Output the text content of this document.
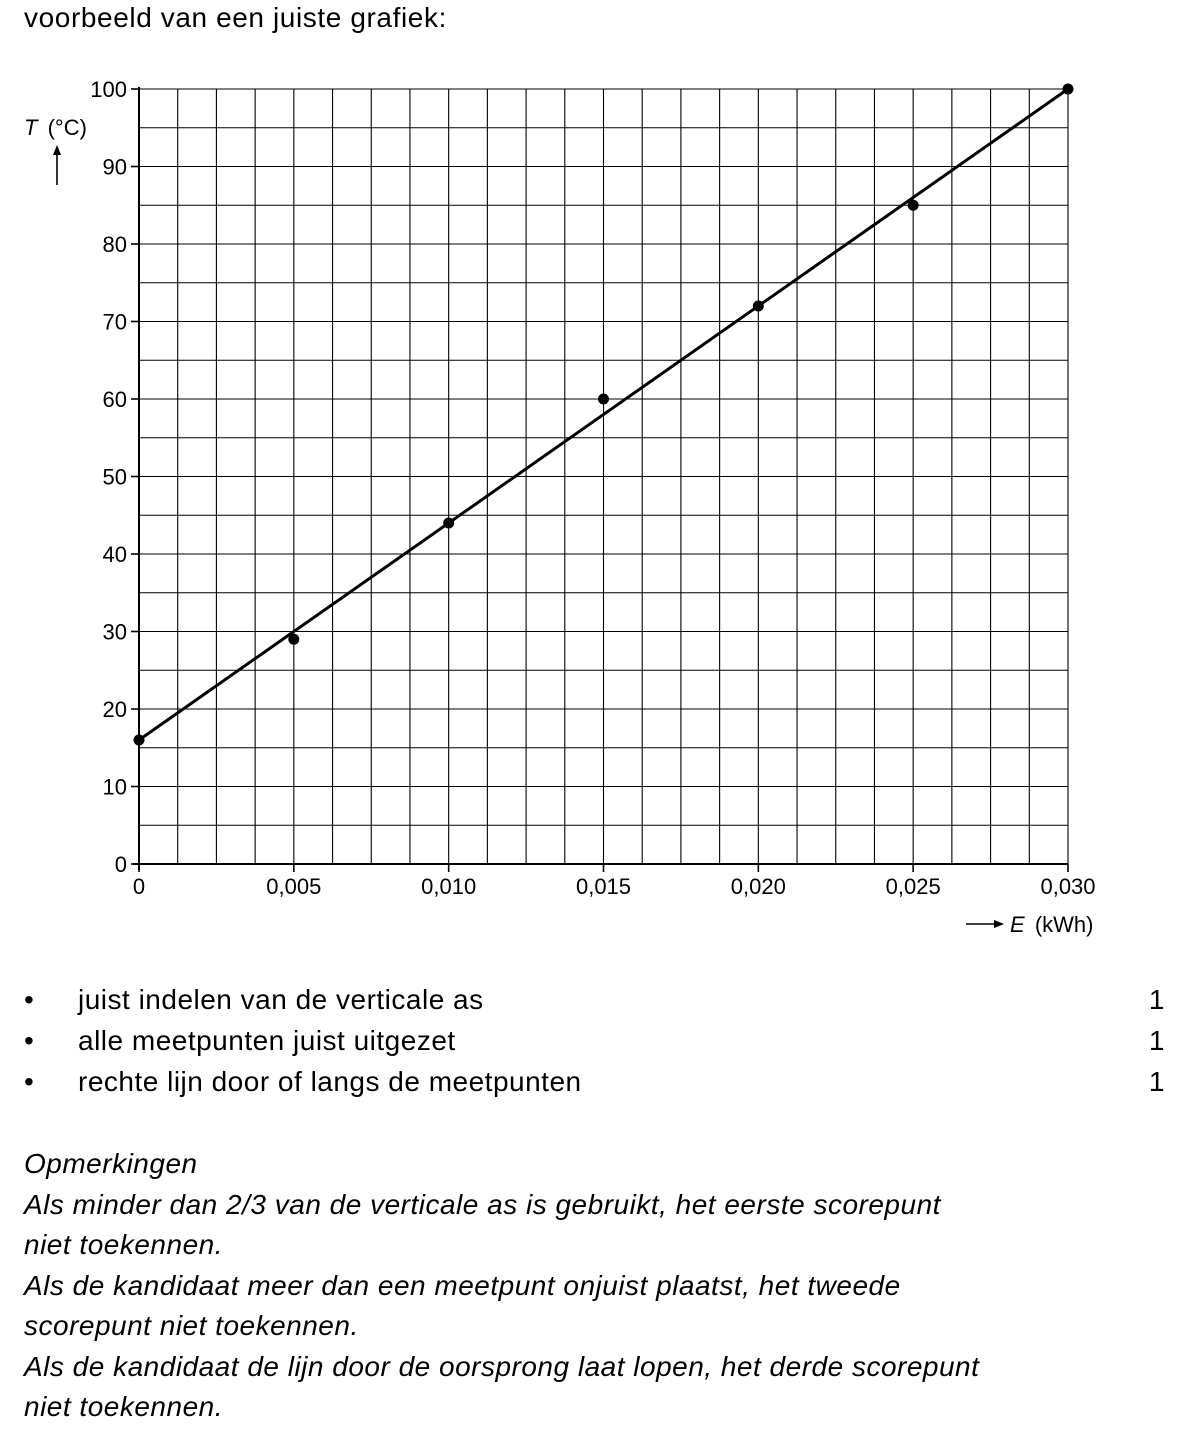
voorbeeld van een juiste grafiek:
0
10
20
30
40
50
60
70
80
90
100
0	0,005	0,010	0,015	0,020	0,025	0,030
T (°C)
E (kWh)
• juist indelen van de verticale as	1
• alle meetpunten juist uitgezet	1
• rechte lijn door of langs de meetpunten	1
Opmerkingen
Als minder dan 2/3 van de verticale as is gebruikt, het eerste scorepunt
niet toekennen.
Als de kandidaat meer dan een meetpunt onjuist plaatst, het tweede
scorepunt niet toekennen.
Als de kandidaat de lijn door de oorsprong laat lopen, het derde scorepunt
niet toekennen.
